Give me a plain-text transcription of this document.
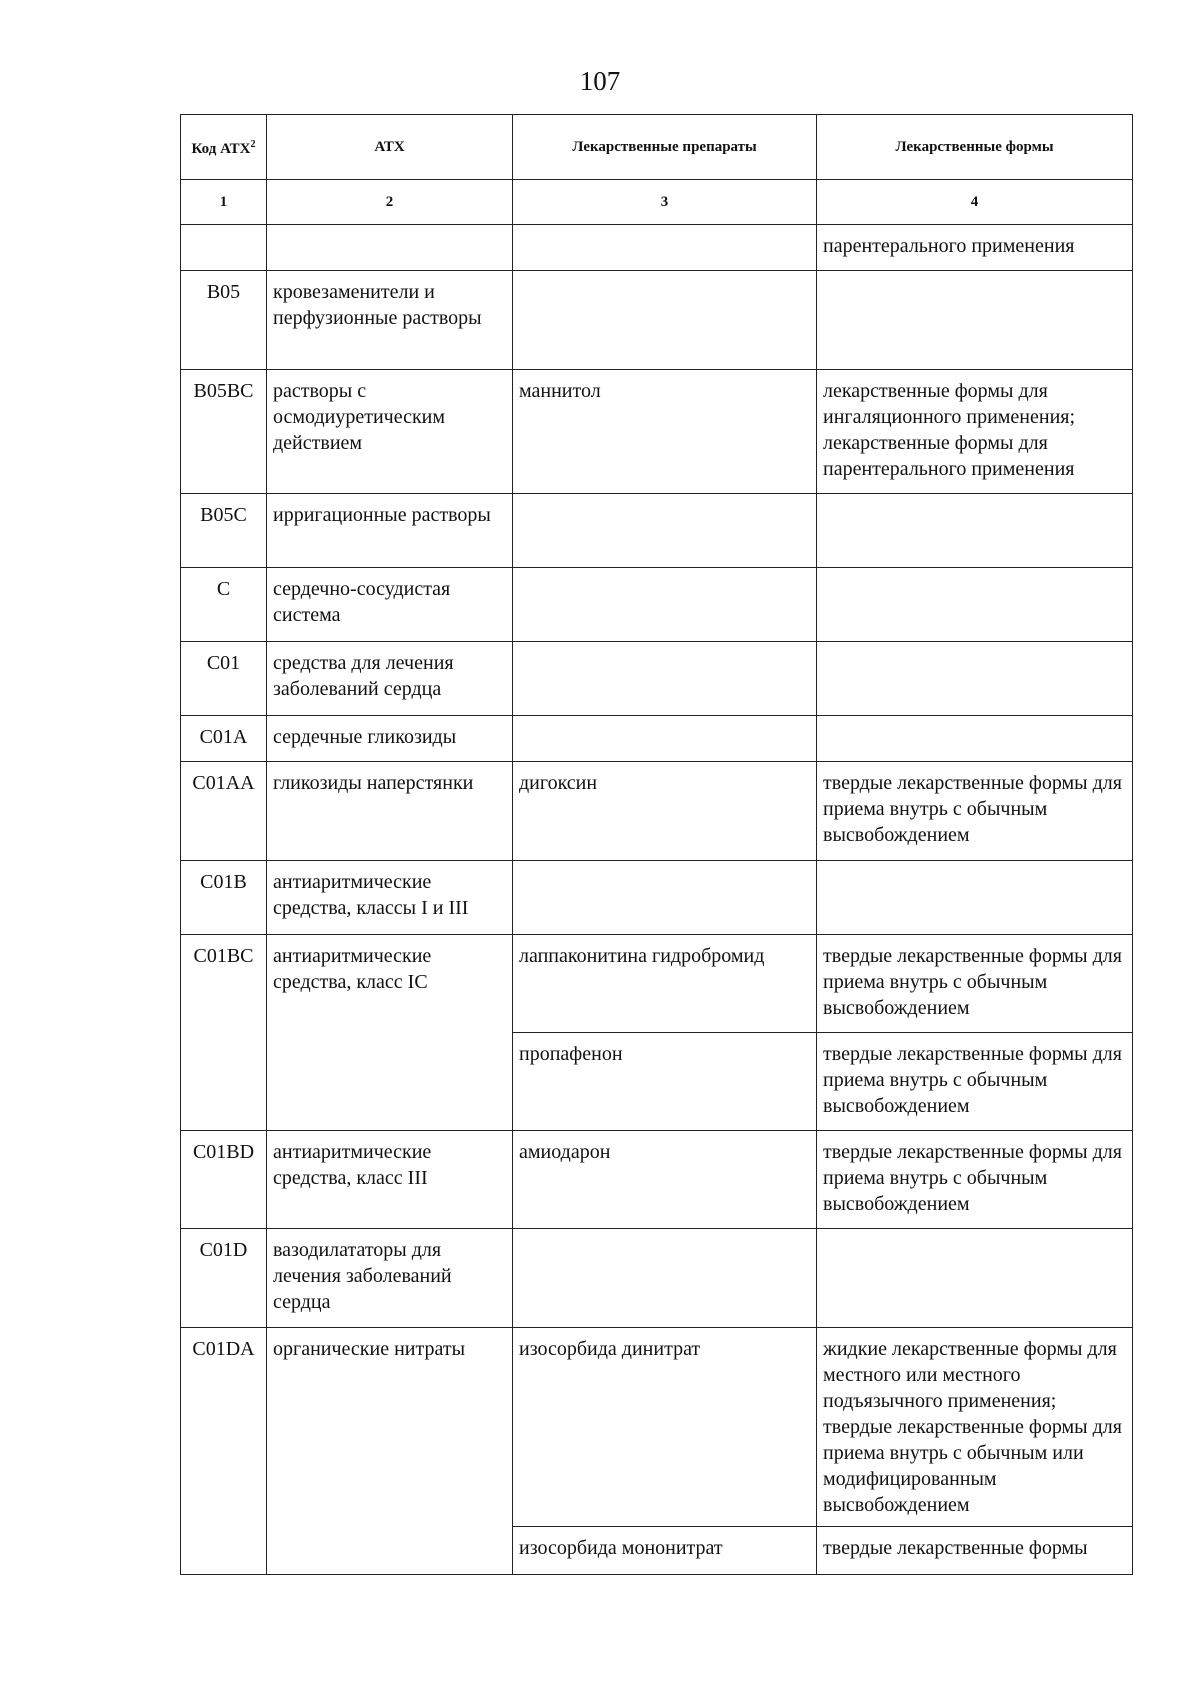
107
Код АТХ$^2$	АТХ	Лекарственные препараты	Лекарственные формы
1	2	3	4
			парентерального применения
B05	кровезаменители и перфузионные растворы		
B05BC	растворы с осмодиуретическим действием	маннитол	лекарственные формы для ингаляционного применения; лекарственные формы для парентерального применения
B05C	ирригационные растворы		
C	сердечно-сосудистая система		
C01	средства для лечения заболеваний сердца		
C01A	сердечные гликозиды		
C01AA	гликозиды наперстянки	дигоксин	твердые лекарственные формы для приема внутрь с обычным высвобождением
C01B	антиаритмические средства, классы I и III		
C01BC	антиаритмические средства, класс IC	лаппаконитина гидробромид	твердые лекарственные формы для приема внутрь с обычным высвобождением
		пропафенон	твердые лекарственные формы для приема внутрь с обычным высвобождением
C01BD	антиаритмические средства, класс III	амиодарон	твердые лекарственные формы для приема внутрь с обычным высвобождением
C01D	вазодилататоры для лечения заболеваний сердца		
C01DA	органические нитраты	изосорбида динитрат	жидкие лекарственные формы для местного или местного подъязычного применения; твердые лекарственные формы для приема внутрь с обычным или модифицированным высвобождением
		изосорбида мононитрат	твердые лекарственные формы
